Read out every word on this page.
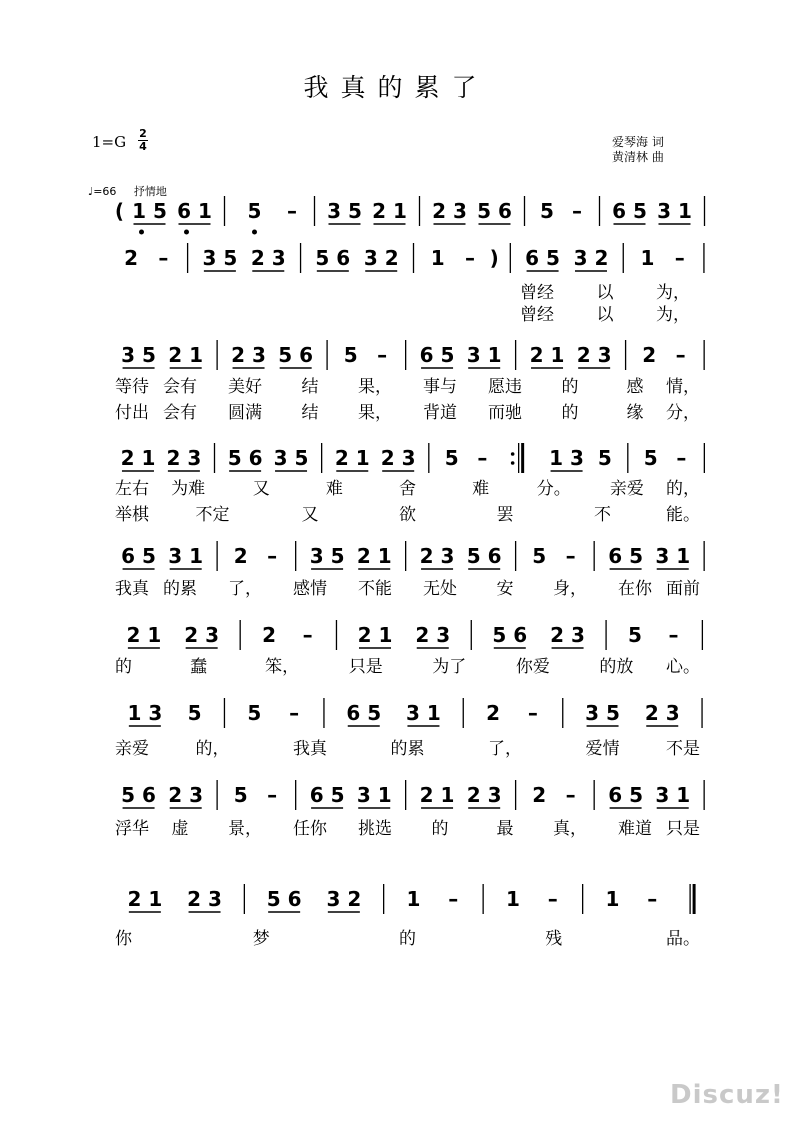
我真的累了
1=G 2
4	爱琴海 词
黄清林 曲
♩=66 抒情地
Discuz!
( 1 5 6 1 5 – 3 5 2 1 2 3 5 6 5 – 6 5 3 1
2 – 3 5 2 3 5 6 3 2 1 – ) 6 5 3 2 1 –
曾经	以	为，
曾经	以	为，
3 5 2 1 2 3 5 6 5 – 6 5 3 1 2 1 2 3 2 –
等待 会有 美好 结 果， 事与 愿违 的	感 情，
付出 会有 圆满 结 果， 背道 而驰 的	缘 分，
2 1 2 3 5 6 3 5 2 1 2 3 5 –	1 3 5 5 –
左右 为难	又	难	舍	难	分。 亲爱 的，
举棋	不定	又	欲	罢	不	能。
6 5 3 1 2 – 3 5 2 1 2 3 5 6 5 – 6 5 3 1
我真 的累 了， 感情 不能 无处 安 身， 在你 面前
2 1 2 3 2 – 2 1 2 3 5 6 2 3 5 –
的	蠢	笨，	只是	为了	你爱	的放 心。
1 3 5 5 – 6 5 3 1 2 – 3 5 2 3
亲爱	的，	我真	的累	了，	爱情	不是
5 6 2 3 5 – 6 5 3 1 2 1 2 3 2 – 6 5 3 1
浮华 虚 景， 任你 挑选 的	最 真， 难道 只是
2 1 2 3 5 6 3 2 1 – 1 – 1 –
你	梦	的	残	品。
